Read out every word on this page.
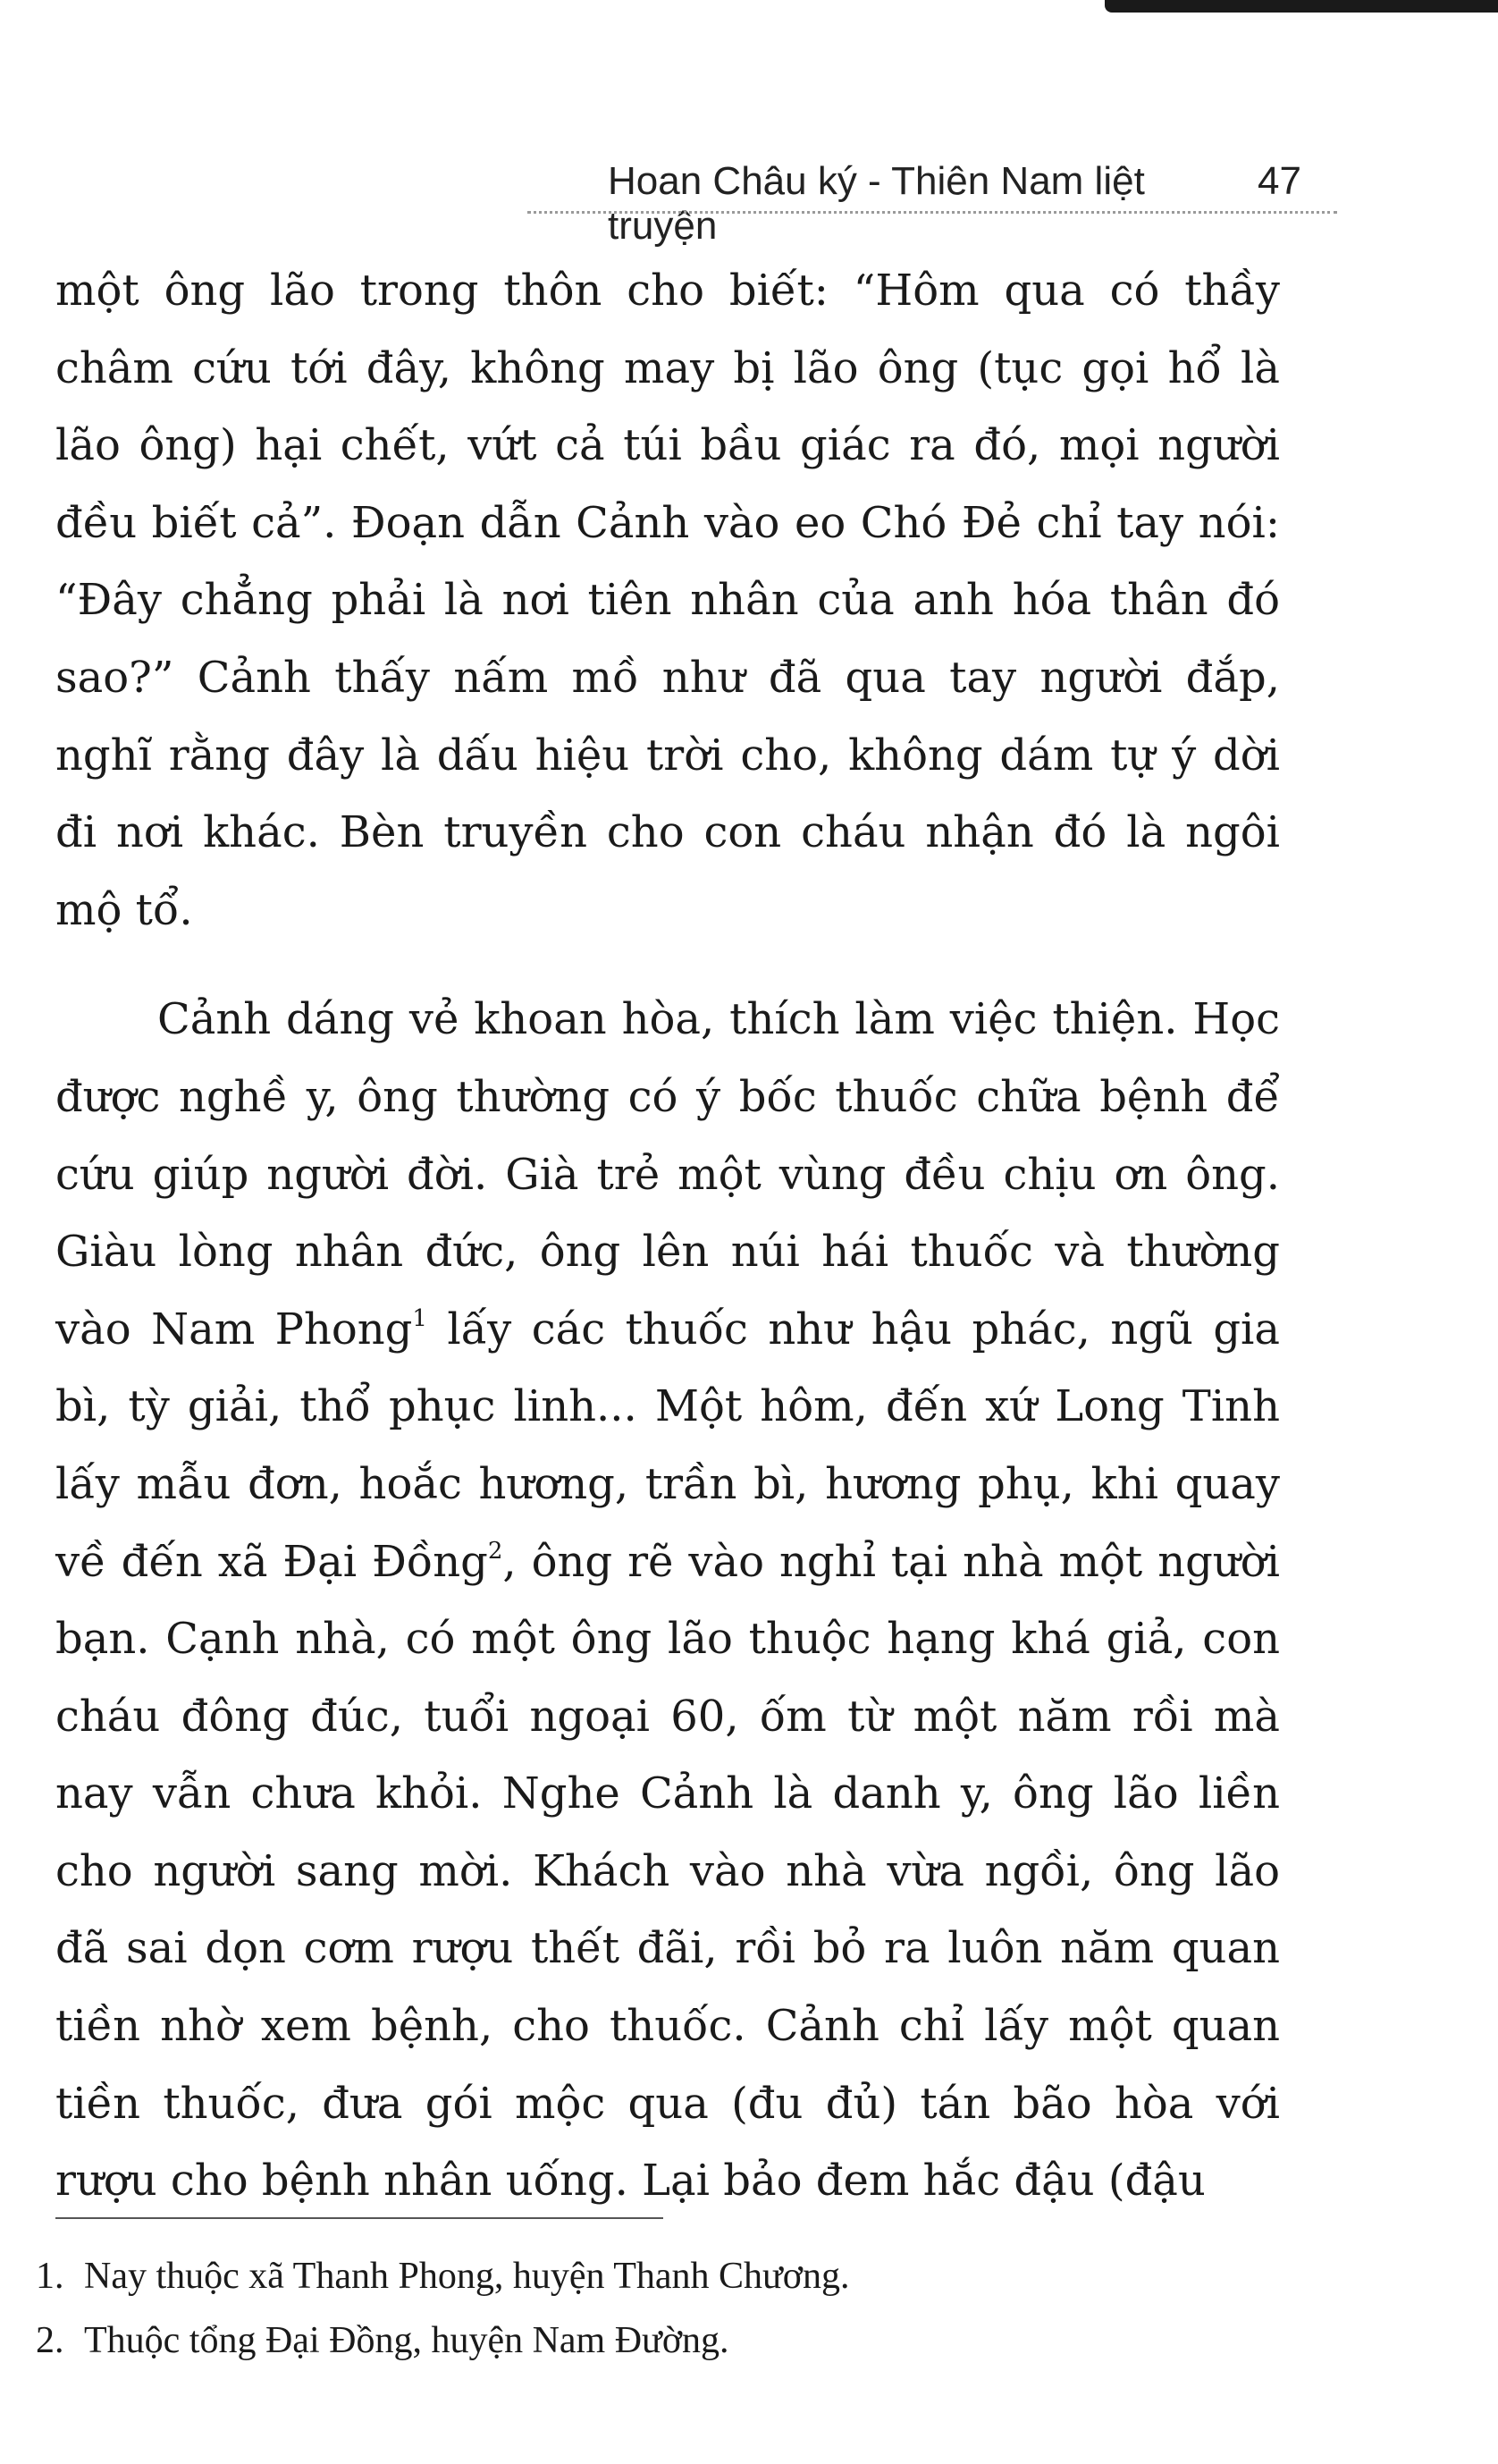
Hoan Châu ký - Thiên Nam liệt truyện
47

một ông lão trong thôn cho biết: “Hôm qua có thầy châm cứu tới đây, không may bị lão ông (tục gọi hổ là lão ông) hại chết, vứt cả túi bầu giác ra đó, mọi người đều biết cả”. Đoạn dẫn Cảnh vào eo Chó Đẻ chỉ tay nói: “Đây chẳng phải là nơi tiên nhân của anh hóa thân đó sao?” Cảnh thấy nấm mồ như đã qua tay người đắp, nghĩ rằng đây là dấu hiệu trời cho, không dám tự ý dời đi nơi khác. Bèn truyền cho con cháu nhận đó là ngôi mộ tổ.

Cảnh dáng vẻ khoan hòa, thích làm việc thiện. Học được nghề y, ông thường có ý bốc thuốc chữa bệnh để cứu giúp người đời. Già trẻ một vùng đều chịu ơn ông. Giàu lòng nhân đức, ông lên núi hái thuốc và thường vào Nam Phong$^1$ lấy các thuốc như hậu phác, ngũ gia bì, tỳ giải, thổ phục linh... Một hôm, đến xứ Long Tinh lấy mẫu đơn, hoắc hương, trần bì, hương phụ, khi quay về đến xã Đại Đồng$^2$, ông rẽ vào nghỉ tại nhà một người bạn. Cạnh nhà, có một ông lão thuộc hạng khá giả, con cháu đông đúc, tuổi ngoại 60, ốm từ một năm rồi mà nay vẫn chưa khỏi. Nghe Cảnh là danh y, ông lão liền cho người sang mời. Khách vào nhà vừa ngồi, ông lão đã sai dọn cơm rượu thết đãi, rồi bỏ ra luôn năm quan tiền nhờ xem bệnh, cho thuốc. Cảnh chỉ lấy một quan tiền thuốc, đưa gói mộc qua (đu đủ) tán bão hòa với rượu cho bệnh nhân uống. Lại bảo đem hắc đậu (đậu

1. Nay thuộc xã Thanh Phong, huyện Thanh Chương.
2. Thuộc tổng Đại Đồng, huyện Nam Đường.
